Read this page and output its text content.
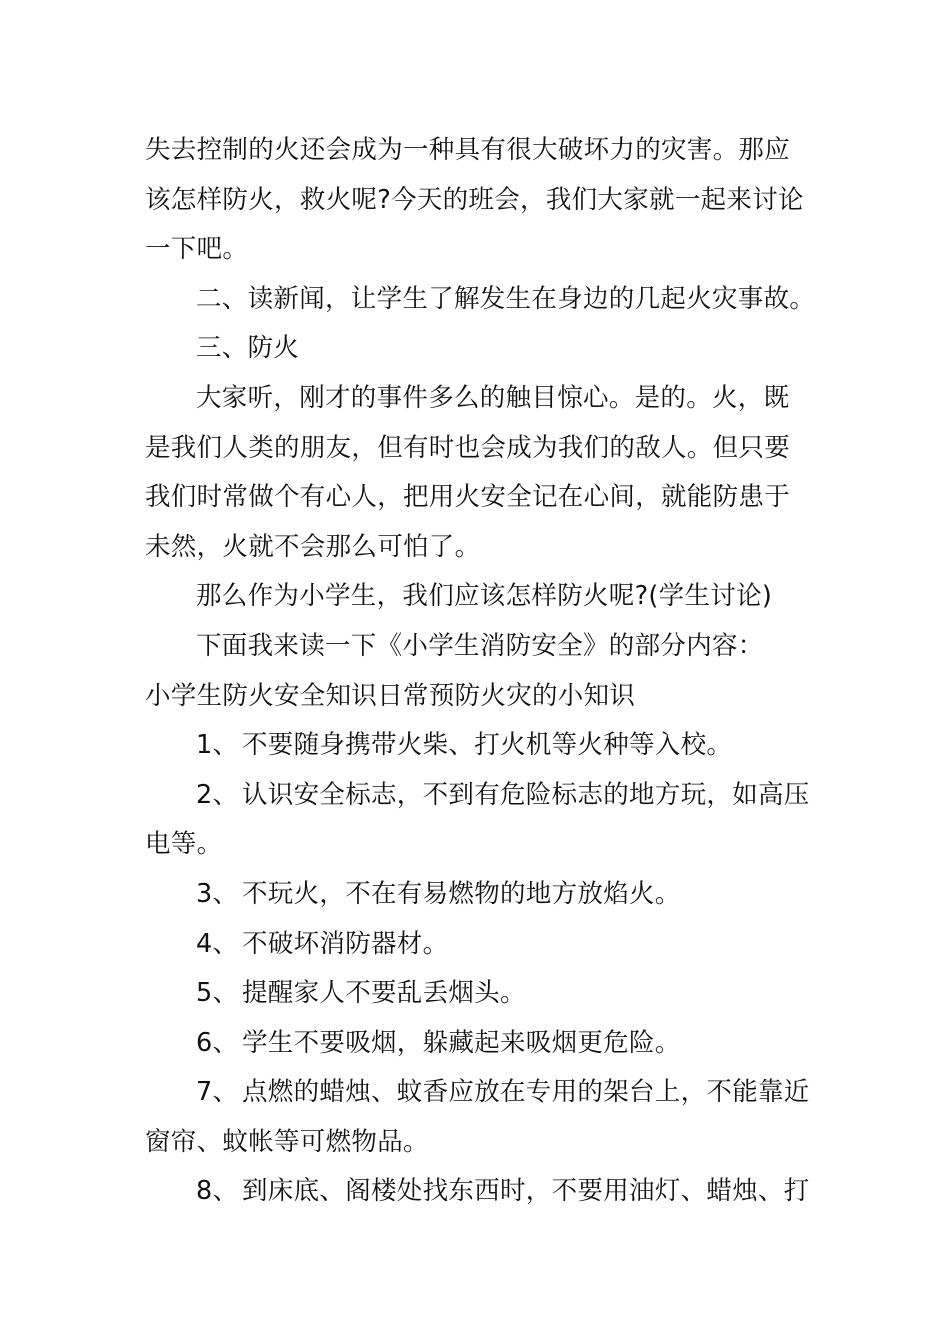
失去控制的火还会成为一种具有很大破坏力的灾害。那应
该怎样防火，救火呢?今天的班会，我们大家就一起来讨论
一下吧。
二、读新闻，让学生了解发生在身边的几起火灾事故。
三、防火
大家听，刚才的事件多么的触目惊心。是的。火，既
是我们人类的朋友，但有时也会成为我们的敌人。但只要
我们时常做个有心人，把用火安全记在心间，就能防患于
未然，火就不会那么可怕了。
那么作为小学生，我们应该怎样防火呢?(学生讨论)
下面我来读一下《小学生消防安全》的部分内容：
小学生防火安全知识日常预防火灾的小知识
1、 不要随身携带火柴、打火机等火种等入校。
2、 认识安全标志，不到有危险标志的地方玩，如高压
电等。
3、 不玩火，不在有易燃物的地方放焰火。
4、 不破坏消防器材。
5、 提醒家人不要乱丢烟头。
6、 学生不要吸烟，躲藏起来吸烟更危险。
7、 点燃的蜡烛、蚊香应放在专用的架台上，不能靠近
窗帘、蚊帐等可燃物品。
8、 到床底、阁楼处找东西时，不要用油灯、蜡烛、打
